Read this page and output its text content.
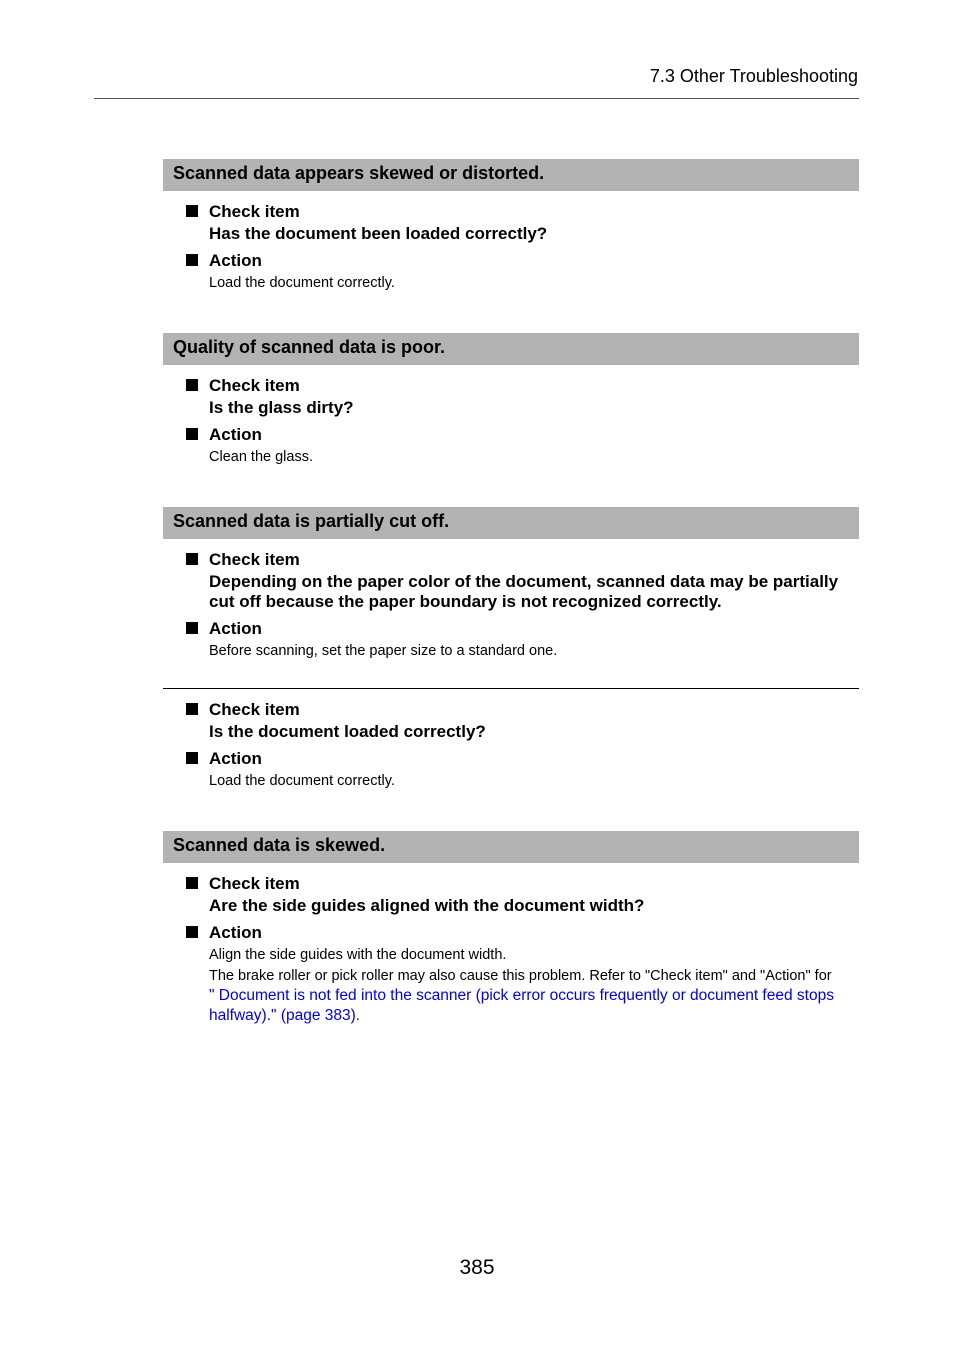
7.3 Other Troubleshooting
Scanned data appears skewed or distorted.
Check item
Has the document been loaded correctly?
Action
Load the document correctly.
Quality of scanned data is poor.
Check item
Is the glass dirty?
Action
Clean the glass.
Scanned data is partially cut off.
Check item
Depending on the paper color of the document, scanned data may be partially cut off because the paper boundary is not recognized correctly.
Action
Before scanning, set the paper size to a standard one.
Check item
Is the document loaded correctly?
Action
Load the document correctly.
Scanned data is skewed.
Check item
Are the side guides aligned with the document width?
Action
Align the side guides with the document width.
The brake roller or pick roller may also cause this problem. Refer to "Check item" and "Action" for
" Document is not fed into the scanner (pick error occurs frequently or document feed stops halfway)." (page 383).
385
